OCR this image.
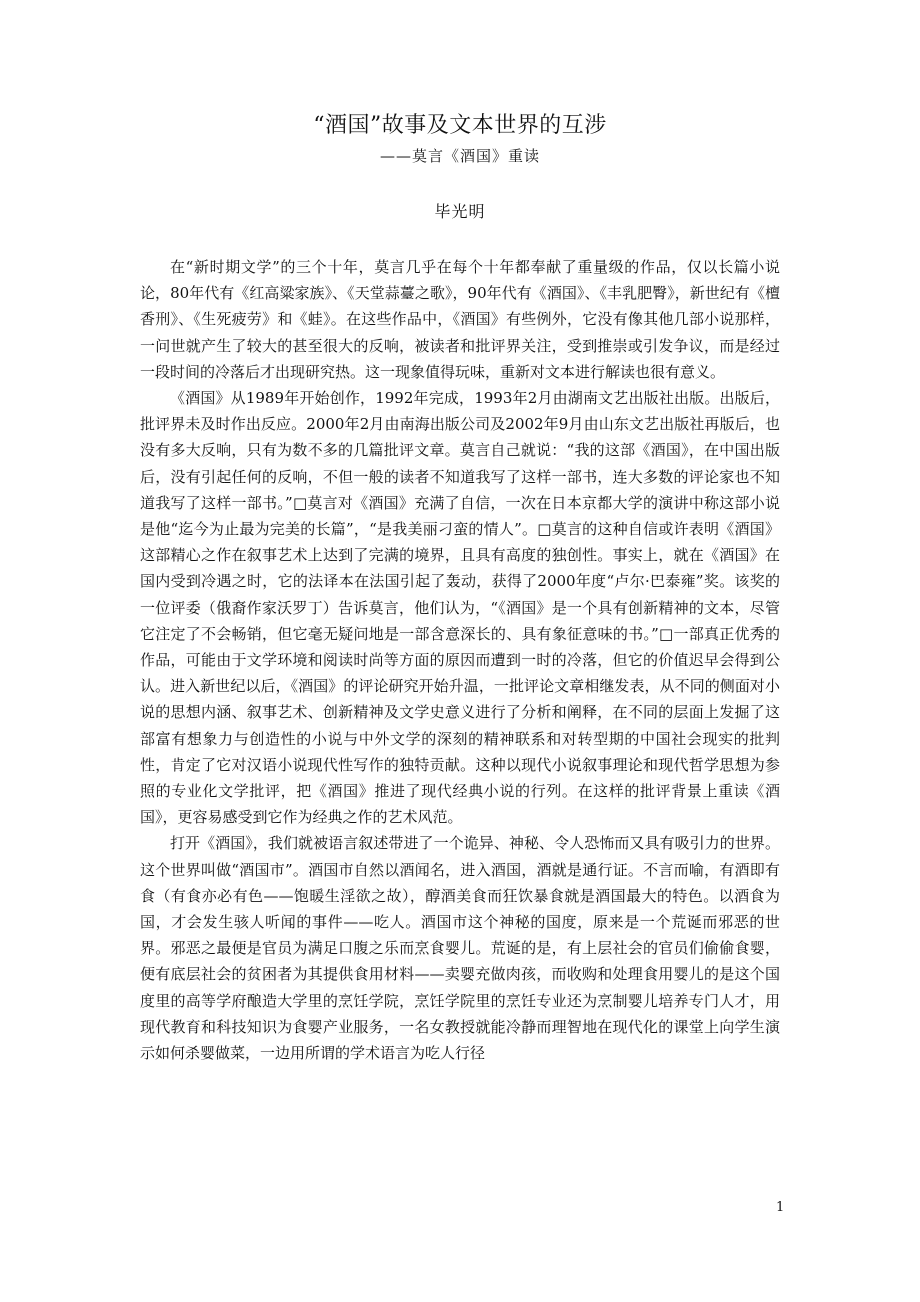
“酒国”故事及文本世界的互涉
——莫言《酒国》重读
毕光明

在“新时期文学”的三个十年，莫言几乎在每个十年都奉献了重量级的作品，仅以长篇小说论，80年代有《红高粱家族》、《天堂蒜薹之歌》，90年代有《酒国》、《丰乳肥臀》，新世纪有《檀香刑》、《生死疲劳》和《蛙》。在这些作品中，《酒国》有些例外，它没有像其他几部小说那样，一问世就产生了较大的甚至很大的反响，被读者和批评界关注，受到推崇或引发争议，而是经过一段时间的冷落后才出现研究热。这一现象值得玩味，重新对文本进行解读也很有意义。

《酒国》从1989年开始创作，1992年完成，1993年2月由湖南文艺出版社出版。出版后，批评界未及时作出反应。2000年2月由南海出版公司及2002年9月由山东文艺出版社再版后，也没有多大反响，只有为数不多的几篇批评文章。莫言自己就说：“我的这部《酒国》，在中国出版后，没有引起任何的反响，不但一般的读者不知道我写了这样一部书，连大多数的评论家也不知道我写了这样一部书。”□莫言对《酒国》充满了自信，一次在日本京都大学的演讲中称这部小说是他“迄今为止最为完美的长篇”，“是我美丽刁蛮的情人”。□莫言的这种自信或许表明《酒国》这部精心之作在叙事艺术上达到了完满的境界，且具有高度的独创性。事实上，就在《酒国》在国内受到冷遇之时，它的法译本在法国引起了轰动，获得了2000年度“卢尔·巴泰雍”奖。该奖的一位评委（俄裔作家沃罗丁）告诉莫言，他们认为，“《酒国》是一个具有创新精神的文本，尽管它注定了不会畅销，但它毫无疑问地是一部含意深长的、具有象征意味的书。”□一部真正优秀的作品，可能由于文学环境和阅读时尚等方面的原因而遭到一时的冷落，但它的价值迟早会得到公认。进入新世纪以后，《酒国》的评论研究开始升温，一批评论文章相继发表，从不同的侧面对小说的思想内涵、叙事艺术、创新精神及文学史意义进行了分析和阐释，在不同的层面上发掘了这部富有想象力与创造性的小说与中外文学的深刻的精神联系和对转型期的中国社会现实的批判性，肯定了它对汉语小说现代性写作的独特贡献。这种以现代小说叙事理论和现代哲学思想为参照的专业化文学批评，把《酒国》推进了现代经典小说的行列。在这样的批评背景上重读《酒国》，更容易感受到它作为经典之作的艺术风范。

打开《酒国》，我们就被语言叙述带进了一个诡异、神秘、令人恐怖而又具有吸引力的世界。这个世界叫做“酒国市”。酒国市自然以酒闻名，进入酒国，酒就是通行证。不言而喻，有酒即有食（有食亦必有色——饱暖生淫欲之故），醇酒美食而狂饮暴食就是酒国最大的特色。以酒食为国，才会发生骇人听闻的事件——吃人。酒国市这个神秘的国度，原来是一个荒诞而邪恶的世界。邪恶之最便是官员为满足口腹之乐而烹食婴儿。荒诞的是，有上层社会的官员们偷偷食婴，便有底层社会的贫困者为其提供食用材料——卖婴充做肉孩，而收购和处理食用婴儿的是这个国度里的高等学府酿造大学里的烹饪学院，烹饪学院里的烹饪专业还为烹制婴儿培养专门人才，用现代教育和科技知识为食婴产业服务，一名女教授就能冷静而理智地在现代化的课堂上向学生演示如何杀婴做菜，一边用所谓的学术语言为吃人行径

1
